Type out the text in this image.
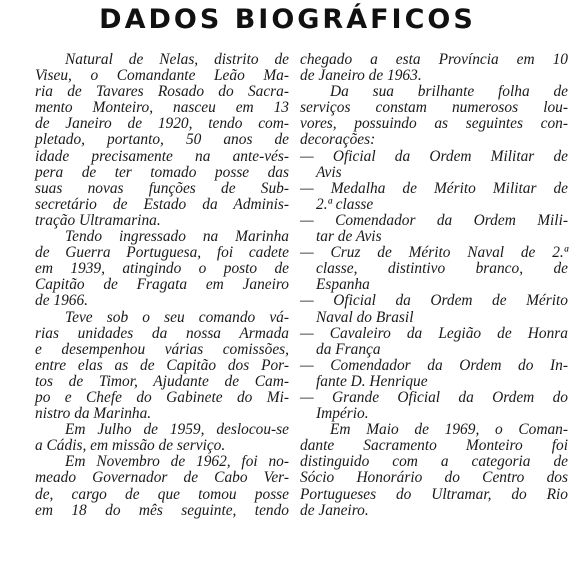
DADOS BIOGRÁFICOS
Natural de Nelas, distrito de
Viseu, o Comandante Leão Ma-
ria de Tavares Rosado do Sacra-
mento Monteiro, nasceu em 13
de Janeiro de 1920, tendo com-
pletado, portanto, 50 anos de
idade precisamente na ante-vés-
pera de ter tomado posse das
suas novas funções de Sub-
secretário de Estado da Adminis-
tração Ultramarina.
Tendo ingressado na Marinha
de Guerra Portuguesa, foi cadete
em 1939, atingindo o posto de
Capitão de Fragata em Janeiro
de 1966.
Teve sob o seu comando vá-
rias unidades da nossa Armada
e desempenhou várias comissões,
entre elas as de Capitão dos Por-
tos de Timor, Ajudante de Cam-
po e Chefe do Gabinete do Mi-
nistro da Marinha.
Em Julho de 1959, deslocou-se
a Cádis, em missão de serviço.
Em Novembro de 1962, foi no-
meado Governador de Cabo Ver-
de, cargo de que tomou posse
em 18 do mês seguinte, tendo
chegado a esta Província em 10
de Janeiro de 1963.
Da sua brilhante folha de
serviços constam numerosos lou-
vores, possuindo as seguintes con-
decorações:
— Oficial da Ordem Militar de
Avis
— Medalha de Mérito Militar de
2.ª classe
— Comendador da Ordem Mili-
tar de Avis
— Cruz de Mérito Naval de 2.ª
classe, distintivo branco, de
Espanha
— Oficial da Ordem de Mérito
Naval do Brasil
— Cavaleiro da Legião de Honra
da França
— Comendador da Ordem do In-
fante D. Henrique
— Grande Oficial da Ordem do
Império.
Em Maio de 1969, o Coman-
dante Sacramento Monteiro foi
distinguido com a categoria de
Sócio Honorário do Centro dos
Portugueses do Ultramar, do Rio
de Janeiro.
